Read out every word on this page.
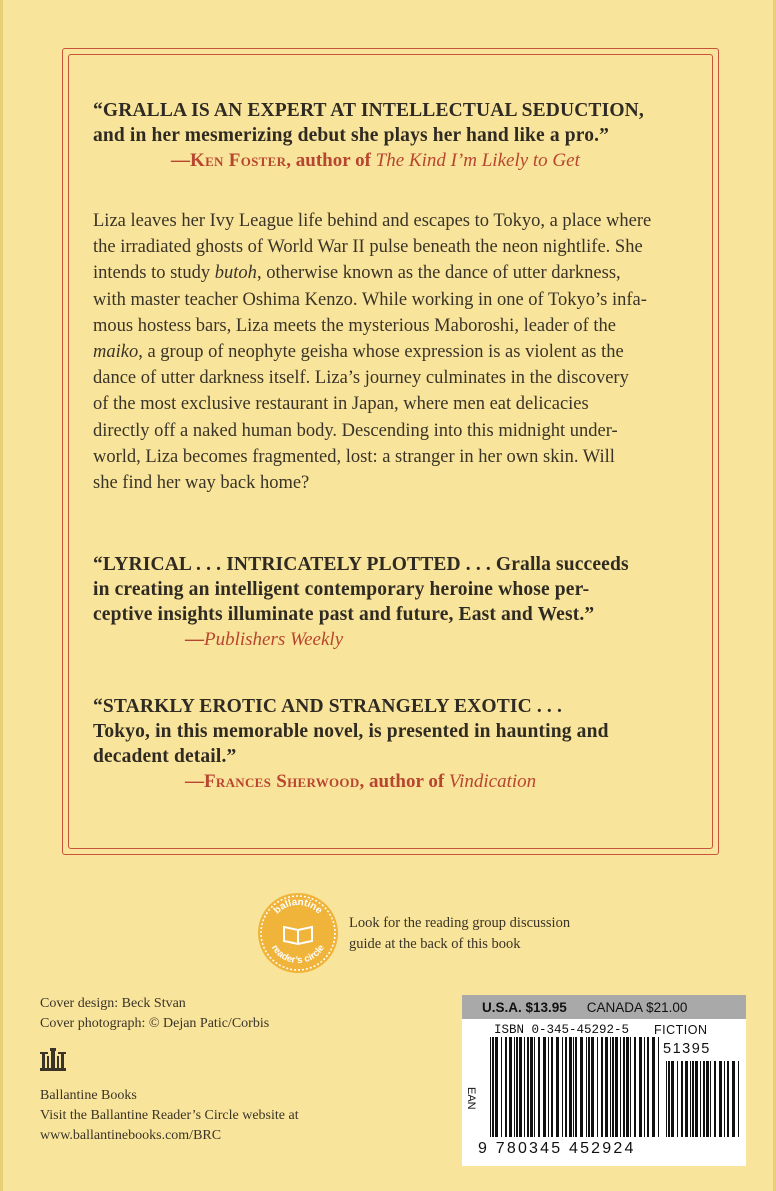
“GRALLA IS AN EXPERT AT INTELLECTUAL SEDUCTION,
and in her mesmerizing debut she plays her hand like a pro.”
—Ken Foster, author of The Kind I’m Likely to Get
Liza leaves her Ivy League life behind and escapes to Tokyo, a place where
the irradiated ghosts of World War II pulse beneath the neon nightlife. She
intends to study butoh, otherwise known as the dance of utter darkness,
with master teacher Oshima Kenzo. While working in one of Tokyo’s infa-
mous hostess bars, Liza meets the mysterious Maboroshi, leader of the
maiko, a group of neophyte geisha whose expression is as violent as the
dance of utter darkness itself. Liza’s journey culminates in the discovery
of the most exclusive restaurant in Japan, where men eat delicacies
directly off a naked human body. Descending into this midnight under-
world, Liza becomes fragmented, lost: a stranger in her own skin. Will
she find her way back home?
“LYRICAL . . . INTRICATELY PLOTTED . . . Gralla succeeds
in creating an intelligent contemporary heroine whose per-
ceptive insights illuminate past and future, East and West.”
—Publishers Weekly
“STARKLY EROTIC AND STRANGELY EXOTIC . . .
Tokyo, in this memorable novel, is presented in haunting and
decadent detail.”
—Frances Sherwood, author of Vindication
ballantine
reader’s circle
Look for the reading group discussion
guide at the back of this book
Cover design: Beck Stvan
Cover photograph: © Dejan Patic/Corbis
Ballantine Books
Visit the Ballantine Reader’s Circle website at
www.ballantinebooks.com/BRC
U.S.A. $13.95 CANADA $21.00
ISBN 0-345-45292-5 FICTION
51395
EAN
9 780345 452924
